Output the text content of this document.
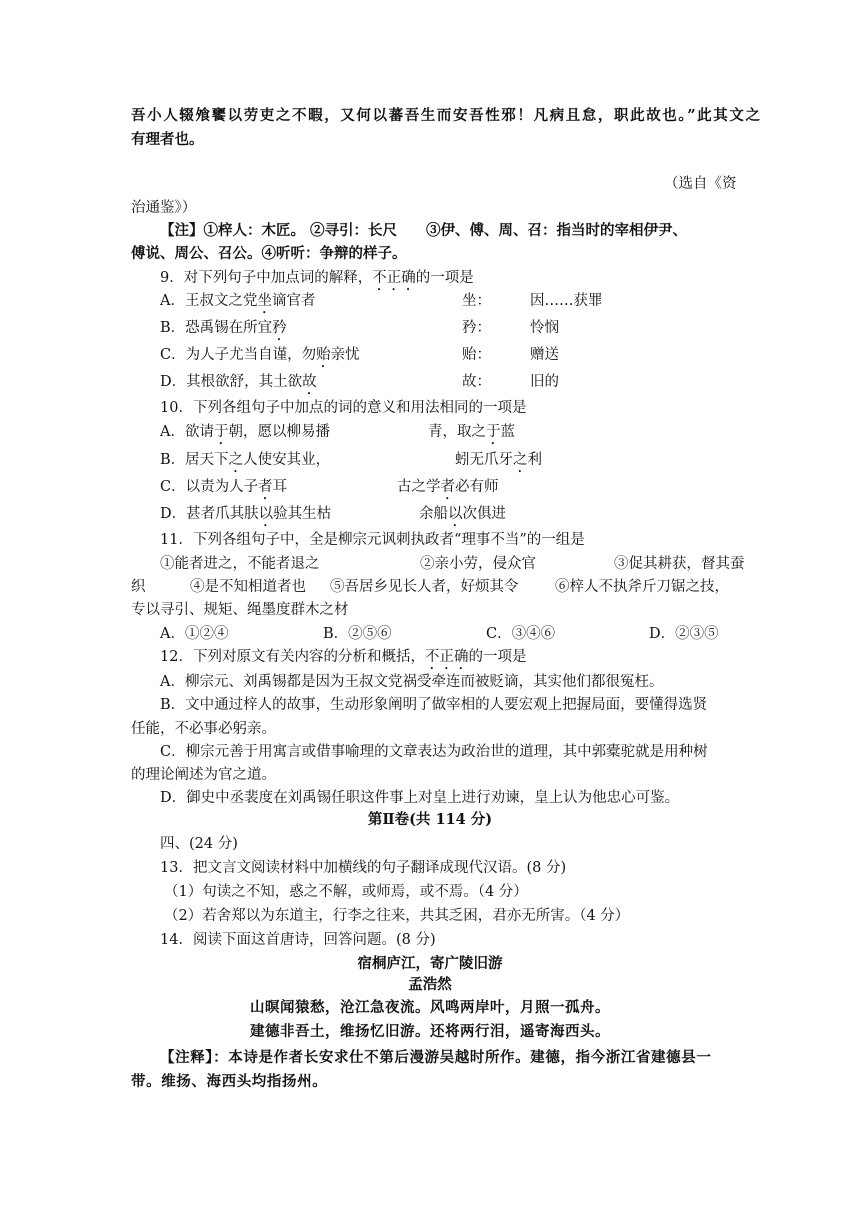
吾小人辍飧饔以劳吏之不暇，又何以蕃吾生而安吾性邪！凡病且怠，职此故也。”此其文之
有理者也。
（选自《资
治通鉴》）
【注】①梓人：木匠。 ②寻引：长尺　　③伊、傅、周、召：指当时的宰相伊尹、
傅说、周公、召公。④听听：争辩的样子。
9．对下列句子中加点词的解释，不正确的一项是
A．王叔文之党坐谪官者	坐：	因……获罪
B．恐禹锡在所宜矜	矜：	怜悯
C．为人子尤当自谨，勿贻亲忧	贻：	赠送
D．其根欲舒，其土欲故	故：	旧的
10．下列各组句子中加点的词的意义和用法相同的一项是
A．欲请于朝，愿以柳易播	青，取之于蓝
B．居天下之人使安其业，	蚓无爪牙之利
C．以责为人子者耳	古之学者必有师
D．甚者爪其肤以验其生枯	余船以次俱进
11．下列各组句子中，全是柳宗元讽刺执政者“理事不当”的一组是
①能者进之，不能者退之	②亲小劳，侵众官	③促其耕获，督其蚕
织	④是不知相道者也 ⑤吾居乡见长人者，好烦其令	⑥梓人不执斧斤刀锯之技，
专以寻引、规矩、绳墨度群木之材
A．①②④	B．②⑤⑥	C．③④⑥	D．②③⑤
12．下列对原文有关内容的分析和概括，不正确的一项是
A．柳宗元、刘禹锡都是因为王叔文党祸受牵连而被贬谪，其实他们都很冤枉。
B．文中通过梓人的故事，生动形象阐明了做宰相的人要宏观上把握局面，要懂得选贤
任能，不必事必躬亲。
C．柳宗元善于用寓言或借事喻理的文章表达为政治世的道理，其中郭橐驼就是用种树
的理论阐述为官之道。
D．御史中丞裴度在刘禹锡任职这件事上对皇上进行劝谏，皇上认为他忠心可鉴。
第Ⅱ卷(共 114 分)
四、(24 分)
13．把文言文阅读材料中加横线的句子翻译成现代汉语。(8 分)
（1）句读之不知，惑之不解，或师焉，或不焉。（4 分）
（2）若舍郑以为东道主，行李之往来，共其乏困，君亦无所害。（4 分）
14．阅读下面这首唐诗，回答问题。(8 分)
宿桐庐江，寄广陵旧游
孟浩然
山暝闻猿愁，沧江急夜流。风鸣两岸叶，月照一孤舟。
建德非吾土，维扬忆旧游。还将两行泪，遥寄海西头。
【注释】：本诗是作者长安求仕不第后漫游吴越时所作。建德，指今浙江省建德县一
带。维扬、海西头均指扬州。
